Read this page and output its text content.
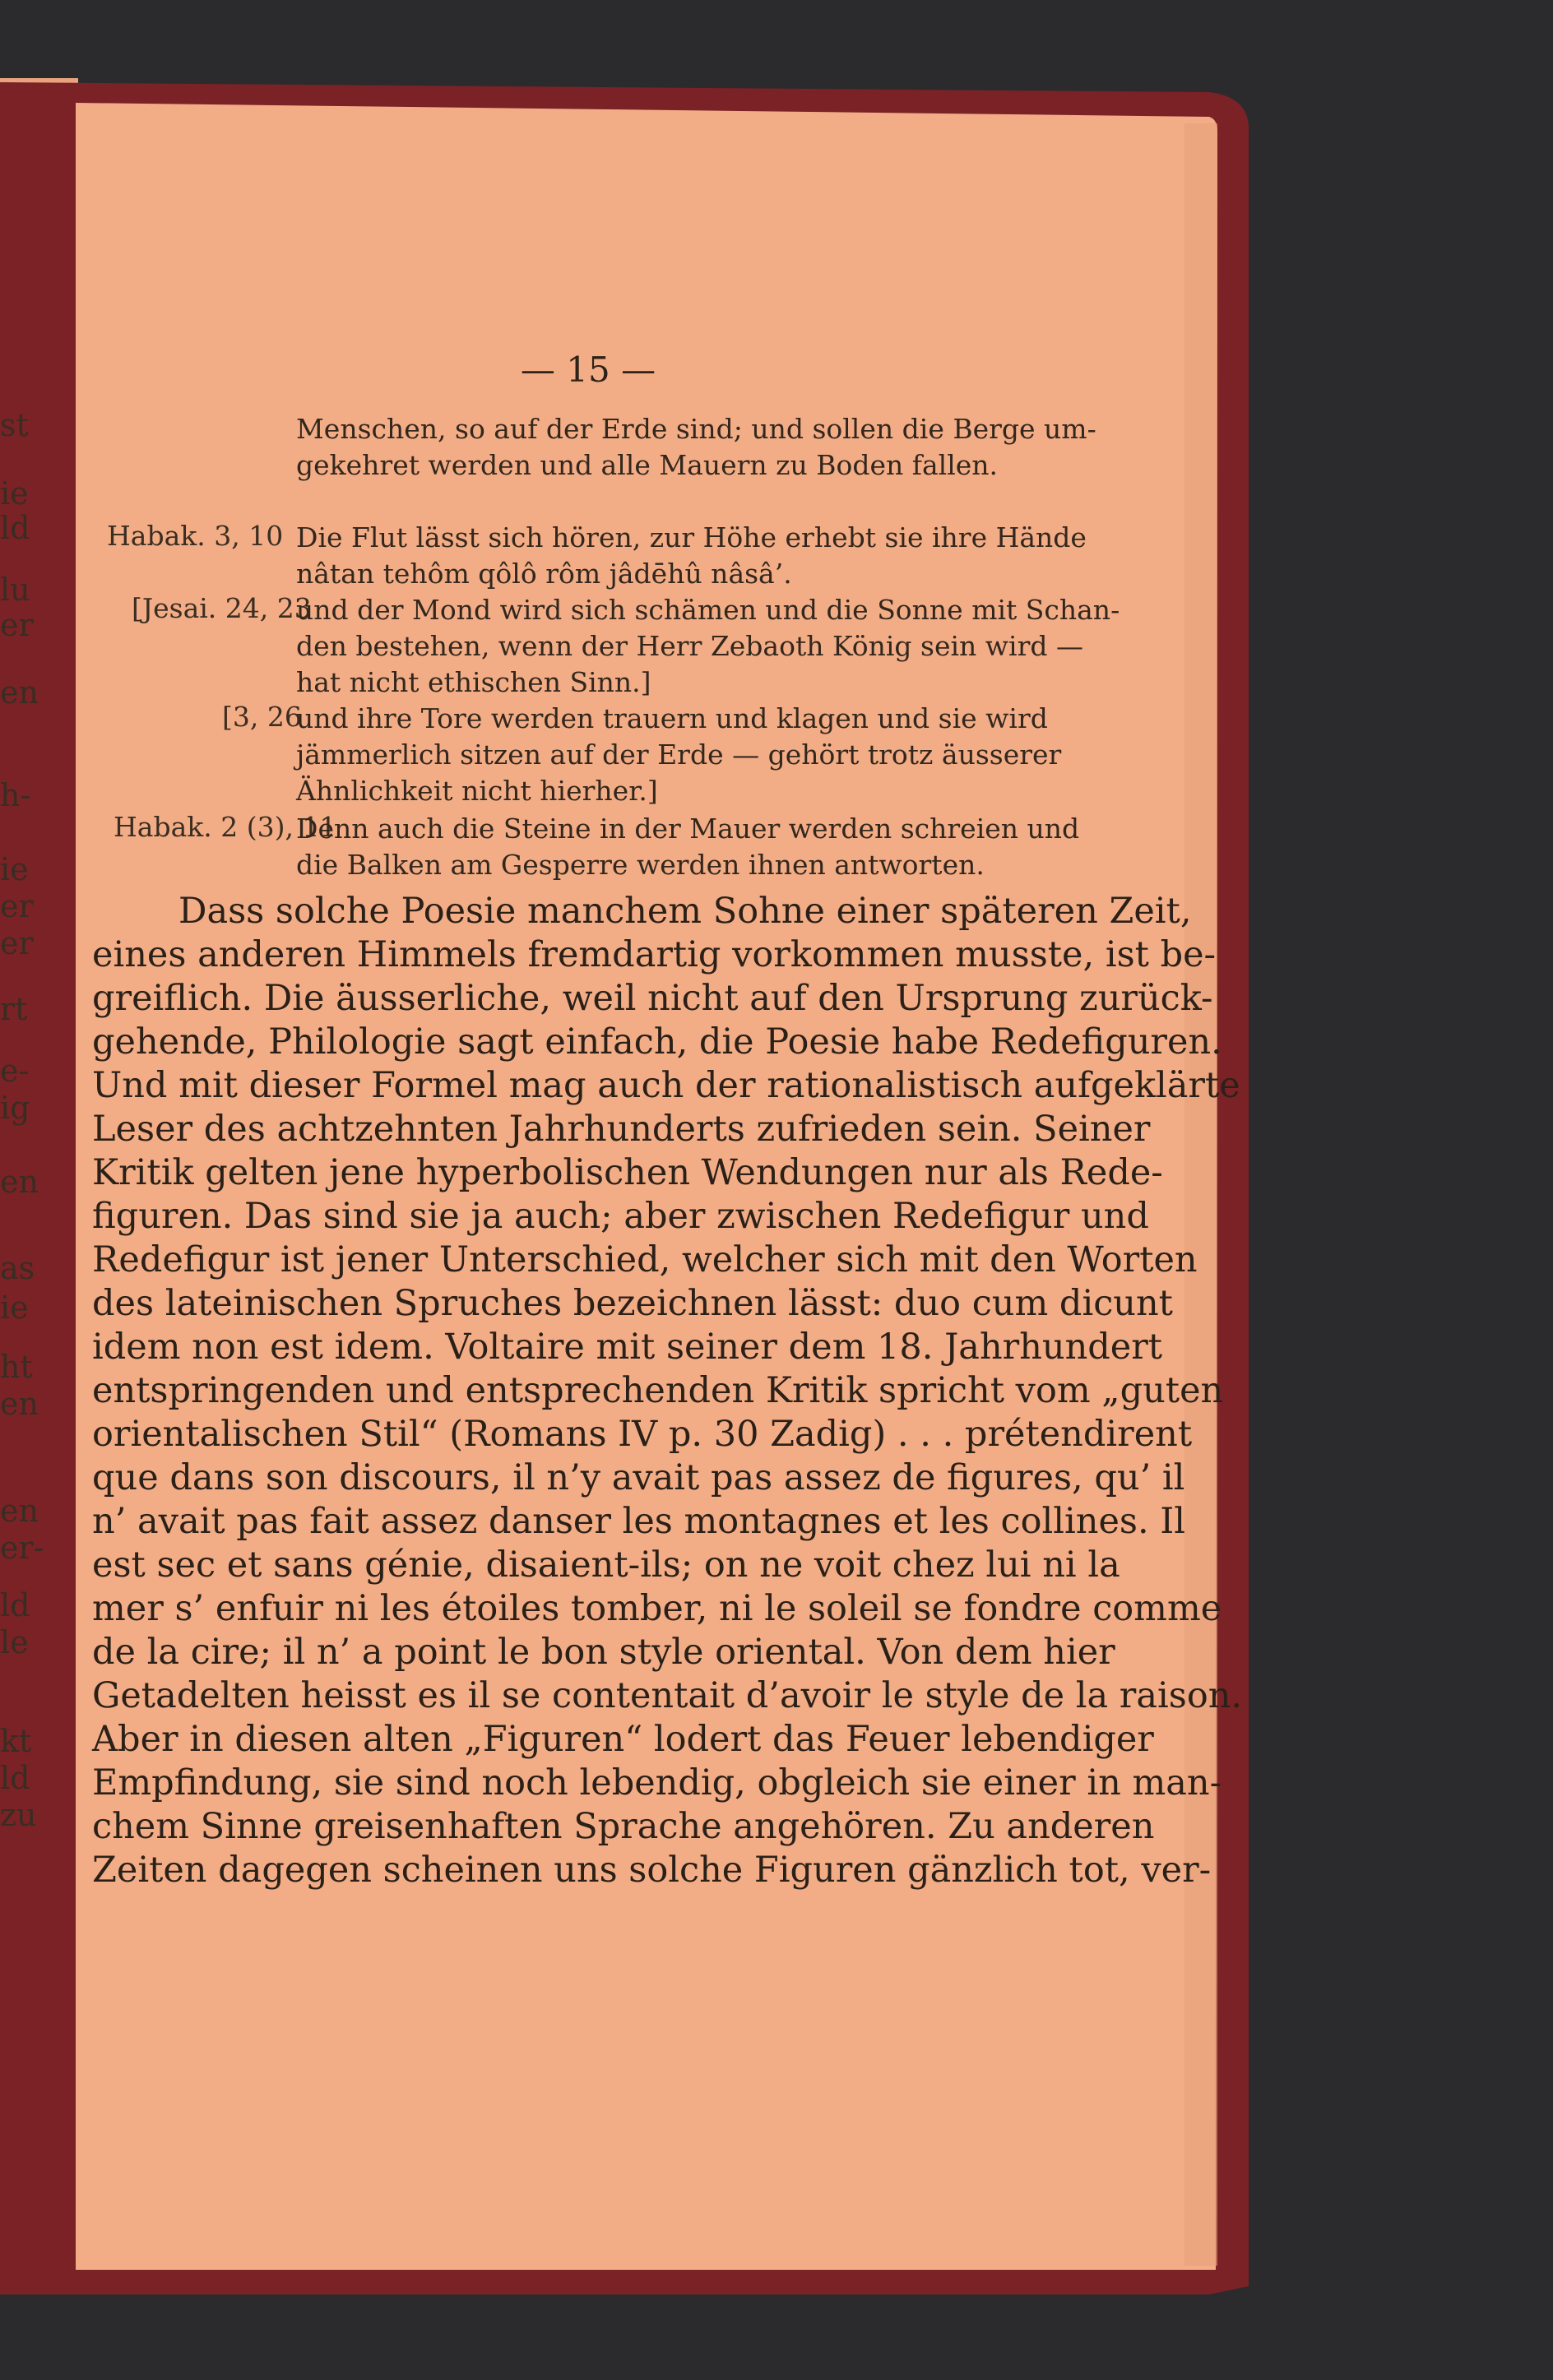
— 15 —
Menschen, so auf der Erde sind; und sollen die Berge um-
gekehret werden und alle Mauern zu Boden fallen.
Habak. 3, 10 Die Flut lässt sich hören, zur Höhe erhebt sie ihre Hände
nâtan tehôm qôlô rôm jâdēhû nâsâ’.
[Jesai. 24, 23
und der Mond wird sich schämen und die Sonne mit Schan-
den bestehen, wenn der Herr Zebaoth König sein wird —
hat nicht ethischen Sinn.]
[3, 26
und ihre Tore werden trauern und klagen und sie wird
jämmerlich sitzen auf der Erde — gehört trotz äusserer
Ähnlichkeit nicht hierher.]
Habak. 2 (3), 11
Denn auch die Steine in der Mauer werden schreien und
die Balken am Gesperre werden ihnen antworten.
Dass solche Poesie manchem Sohne einer späteren Zeit,
eines anderen Himmels fremdartig vorkommen musste, ist be-
greiflich. Die äusserliche, weil nicht auf den Ursprung zurück-
gehende, Philologie sagt einfach, die Poesie habe Redefiguren.
Und mit dieser Formel mag auch der rationalistisch aufgeklärte
Leser des achtzehnten Jahrhunderts zufrieden sein. Seiner
Kritik gelten jene hyperbolischen Wendungen nur als Rede-
figuren. Das sind sie ja auch; aber zwischen Redefigur und
Redefigur ist jener Unterschied, welcher sich mit den Worten
des lateinischen Spruches bezeichnen lässt: duo cum dicunt
idem non est idem. Voltaire mit seiner dem 18. Jahrhundert
entspringenden und entsprechenden Kritik spricht vom „guten
orientalischen Stil“ (Romans IV p. 30 Zadig) . . . prétendirent
que dans son discours, il n’y avait pas assez de figures, qu’ il
n’ avait pas fait assez danser les montagnes et les collines. Il
est sec et sans génie, disaient-ils; on ne voit chez lui ni la
mer s’ enfuir ni les étoiles tomber, ni le soleil se fondre comme
de la cire; il n’ a point le bon style oriental. Von dem hier
Getadelten heisst es il se contentait d’avoir le style de la raison.
Aber in diesen alten „Figuren“ lodert das Feuer lebendiger
Empfindung, sie sind noch lebendig, obgleich sie einer in man-
chem Sinne greisenhaften Sprache angehören. Zu anderen
Zeiten dagegen scheinen uns solche Figuren gänzlich tot, ver-
st
ie
ld
lu
er
en
h-
ie
er
er
rt
e-
ig
en
as
ie
ht
en
en
er-
ld
le
kt
ld
zu
